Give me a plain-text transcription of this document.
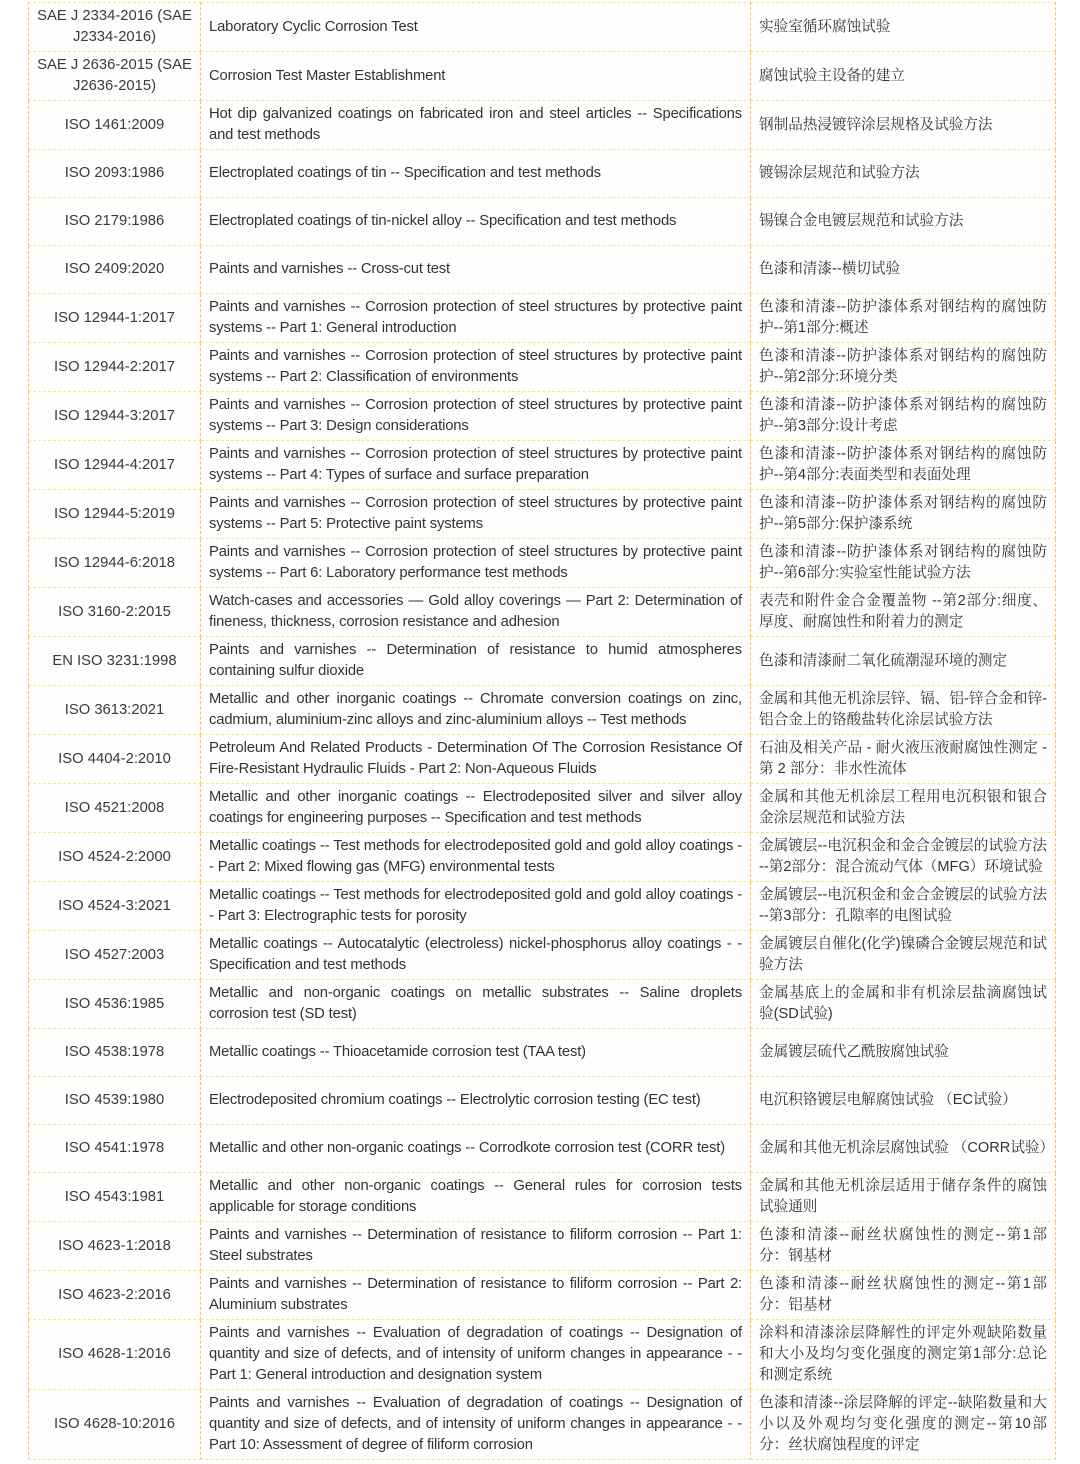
SAE J 2334-2016 (SAE J2334-2016)	Laboratory Cyclic Corrosion Test	实验室循环腐蚀试验
SAE J 2636-2015 (SAE J2636-2015)	Corrosion Test Master Establishment	腐蚀试验主设备的建立
ISO 1461:2009	Hot dip galvanized coatings on fabricated iron and steel articles -- Specifications and test methods	钢制品热浸镀锌涂层规格及试验方法
ISO 2093:1986	Electroplated coatings of tin -- Specification and test methods	镀锡涂层规范和试验方法
ISO 2179:1986	Electroplated coatings of tin-nickel alloy -- Specification and test methods	锡镍合金电镀层规范和试验方法
ISO 2409:2020	Paints and varnishes -- Cross-cut test	色漆和清漆--横切试验
ISO 12944-1:2017	Paints and varnishes -- Corrosion protection of steel structures by protective paint systems -- Part 1: General introduction	色漆和清漆--防护漆体系对钢结构的腐蚀防护--第1部分:概述
ISO 12944-2:2017	Paints and varnishes -- Corrosion protection of steel structures by protective paint systems -- Part 2: Classification of environments	色漆和清漆--防护漆体系对钢结构的腐蚀防护--第2部分:环境分类
ISO 12944-3:2017	Paints and varnishes -- Corrosion protection of steel structures by protective paint systems -- Part 3: Design considerations	色漆和清漆--防护漆体系对钢结构的腐蚀防护--第3部分:设计考虑
ISO 12944-4:2017	Paints and varnishes -- Corrosion protection of steel structures by protective paint systems -- Part 4: Types of surface and surface preparation	色漆和清漆--防护漆体系对钢结构的腐蚀防护--第4部分:表面类型和表面处理
ISO 12944-5:2019	Paints and varnishes -- Corrosion protection of steel structures by protective paint systems -- Part 5: Protective paint systems	色漆和清漆--防护漆体系对钢结构的腐蚀防护--第5部分:保护漆系统
ISO 12944-6:2018	Paints and varnishes -- Corrosion protection of steel structures by protective paint systems -- Part 6: Laboratory performance test methods	色漆和清漆--防护漆体系对钢结构的腐蚀防护--第6部分:实验室性能试验方法
ISO 3160-2:2015	Watch-cases and accessories — Gold alloy coverings — Part 2: Determination of fineness, thickness, corrosion resistance and adhesion	表壳和附件金合金覆盖物 --第2部分:细度、厚度、耐腐蚀性和附着力的测定
EN ISO 3231:1998	Paints and varnishes -- Determination of resistance to humid atmospheres containing sulfur dioxide	色漆和清漆耐二氧化硫潮湿环境的测定
ISO 3613:2021	Metallic and other inorganic coatings -- Chromate conversion coatings on zinc, cadmium, aluminium-zinc alloys and zinc-aluminium alloys -- Test methods	金属和其他无机涂层锌、镉、铝-锌合金和锌-铝合金上的铬酸盐转化涂层试验方法
ISO 4404-2:2010	Petroleum And Related Products - Determination Of The Corrosion Resistance Of Fire-Resistant Hydraulic Fluids - Part 2: Non-Aqueous Fluids	石油及相关产品 - 耐火液压液耐腐蚀性测定 - 第 2 部分：非水性流体
ISO 4521:2008	Metallic and other inorganic coatings -- Electrodeposited silver and silver alloy coatings for engineering purposes -- Specification and test methods	金属和其他无机涂层工程用电沉积银和银合金涂层规范和试验方法
ISO 4524-2:2000	Metallic coatings -- Test methods for electrodeposited gold and gold alloy coatings -- Part 2: Mixed flowing gas (MFG) environmental tests	金属镀层--电沉积金和金合金镀层的试验方法 --第2部分：混合流动气体（MFG）环境试验
ISO 4524-3:2021	Metallic coatings -- Test methods for electrodeposited gold and gold alloy coatings -- Part 3: Electrographic tests for porosity	金属镀层--电沉积金和金合金镀层的试验方法 --第3部分：孔隙率的电图试验
ISO 4527:2003	Metallic coatings -- Autocatalytic (electroless) nickel-phosphorus alloy coatings - - Specification and test methods	金属镀层自催化(化学)镍磷合金镀层规范和试验方法
ISO 4536:1985	Metallic and non-organic coatings on metallic substrates -- Saline droplets corrosion test (SD test)	金属基底上的金属和非有机涂层盐滴腐蚀试验(SD试验)
ISO 4538:1978	Metallic coatings -- Thioacetamide corrosion test (TAA test)	金属镀层硫代乙酰胺腐蚀试验
ISO 4539:1980	Electrodeposited chromium coatings -- Electrolytic corrosion testing (EC test)	电沉积铬镀层电解腐蚀试验 （EC试验）
ISO 4541:1978	Metallic and other non-organic coatings -- Corrodkote corrosion test (CORR test)	金属和其他无机涂层腐蚀试验 （CORR试验）
ISO 4543:1981	Metallic and other non-organic coatings -- General rules for corrosion tests applicable for storage conditions	金属和其他无机涂层适用于储存条件的腐蚀试验通则
ISO 4623-1:2018	Paints and varnishes -- Determination of resistance to filiform corrosion -- Part 1: Steel substrates	色漆和清漆--耐丝状腐蚀性的测定--第1部分：钢基材
ISO 4623-2:2016	Paints and varnishes -- Determination of resistance to filiform corrosion -- Part 2: Aluminium substrates	色漆和清漆--耐丝状腐蚀性的测定--第1部分：铝基材
ISO 4628-1:2016	Paints and varnishes -- Evaluation of degradation of coatings -- Designation of quantity and size of defects, and of intensity of uniform changes in appearance - - Part 1: General introduction and designation system	涂料和清漆涂层降解性的评定外观缺陷数量和大小及均匀变化强度的测定第1部分:总论和测定系统
ISO 4628-10:2016	Paints and varnishes -- Evaluation of degradation of coatings -- Designation of quantity and size of defects, and of intensity of uniform changes in appearance - - Part 10: Assessment of degree of filiform corrosion	色漆和清漆--涂层降解的评定--缺陷数量和大小以及外观均匀变化强度的测定--第10部分：丝状腐蚀程度的评定
